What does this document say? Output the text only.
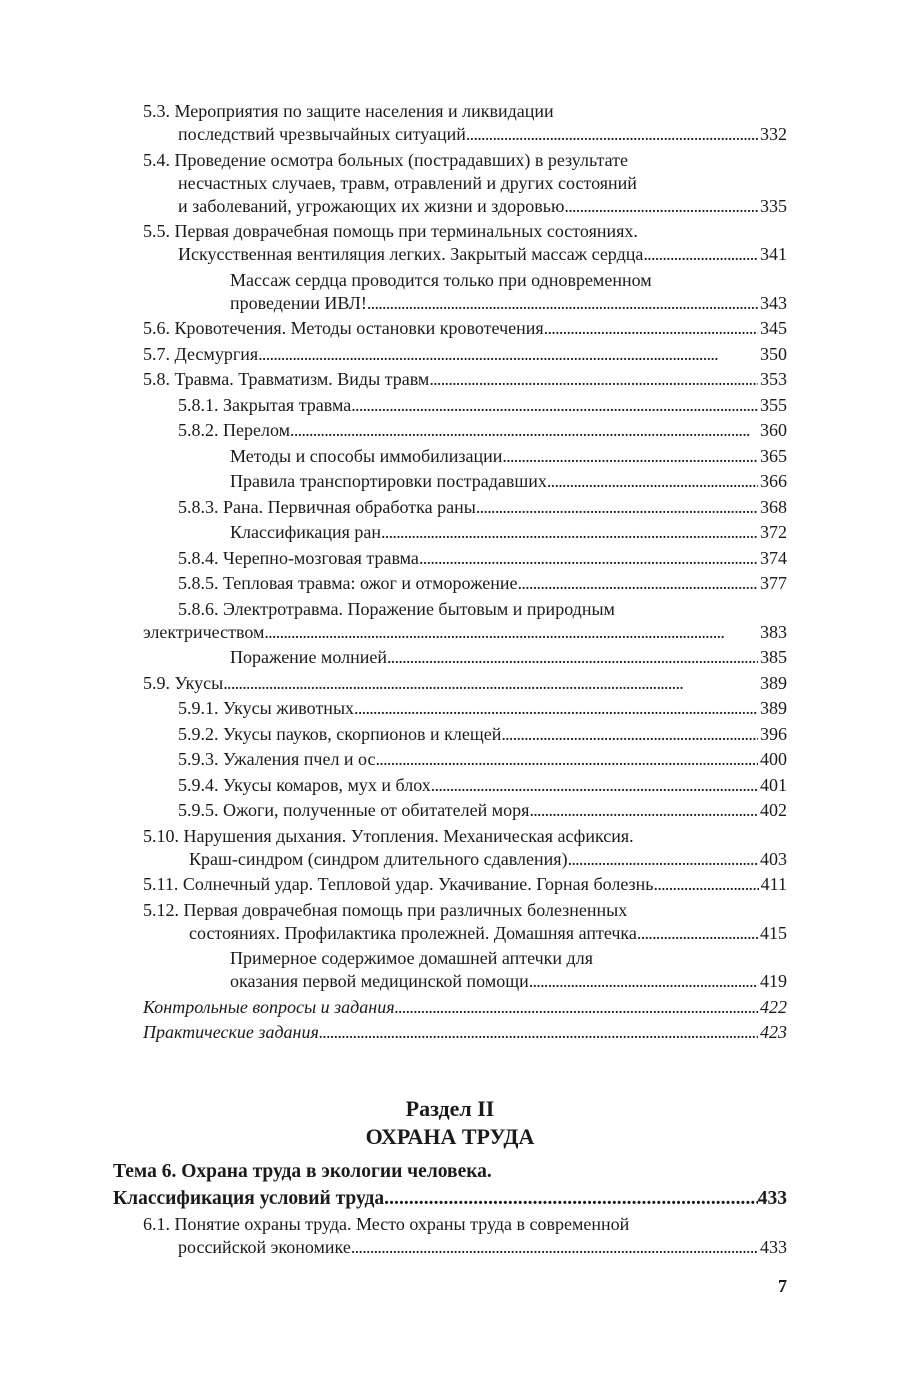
5.3. Мероприятия по защите населения и ликвидации
последствий чрезвычайных ситуаций . . .	332
5.4. Проведение осмотра больных (пострадавших) в результате
несчастных случаев, травм, отравлений и других состояний
и заболеваний, угрожающих их жизни и здоровью . . .	335
5.5. Первая доврачебная помощь при терминальных состояниях.
Искусственная вентиляция легких. Закрытый массаж сердца . . .	341
Массаж сердца проводится только при одновременном
проведении ИВЛ! . . .	343
5.6. Кровотечения. Методы остановки кровотечения . . .	345
5.7. Десмургия . . .	350
5.8. Травма. Травматизм. Виды травм . . .	353
5.8.1. Закрытая травма . . .	355
5.8.2. Перелом . . .	360
Методы и способы иммобилизации . . .	365
Правила транспортировки пострадавших . . .	366
5.8.3. Рана. Первичная обработка раны . . .	368
Классификация ран . . .	372
5.8.4. Черепно-мозговая травма . . .	374
5.8.5. Тепловая травма: ожог и отморожение . . .	377
5.8.6. Электротравма. Поражение бытовым и природным
электричеством . . .	383
Поражение молнией . . .	385
5.9. Укусы . . .	389
5.9.1. Укусы животных . . .	389
5.9.2. Укусы пауков, скорпионов и клещей . . .	396
5.9.3. Ужаления пчел и ос . . .	400
5.9.4. Укусы комаров, мух и блох . . .	401
5.9.5. Ожоги, полученные от обитателей моря . . .	402
5.10. Нарушения дыхания. Утопления. Механическая асфиксия.
Краш-синдром (синдром длительного сдавления) . . .	403
5.11. Солнечный удар. Тепловой удар. Укачивание. Горная болезнь . . .	411
5.12. Первая доврачебная помощь при различных болезненных
состояниях. Профилактика пролежней. Домашняя аптечка . . .	415
Примерное содержимое домашней аптечки для
оказания первой медицинской помощи . . .	419
Контрольные вопросы и задания . . .	422
Практические задания . . .	423
Раздел II
ОХРАНА ТРУДА
Тема 6. Охрана труда в экологии человека.
Классификация условий труда . . .	433
6.1. Понятие охраны труда. Место охраны труда в современной
российской экономике . . .	433
7
